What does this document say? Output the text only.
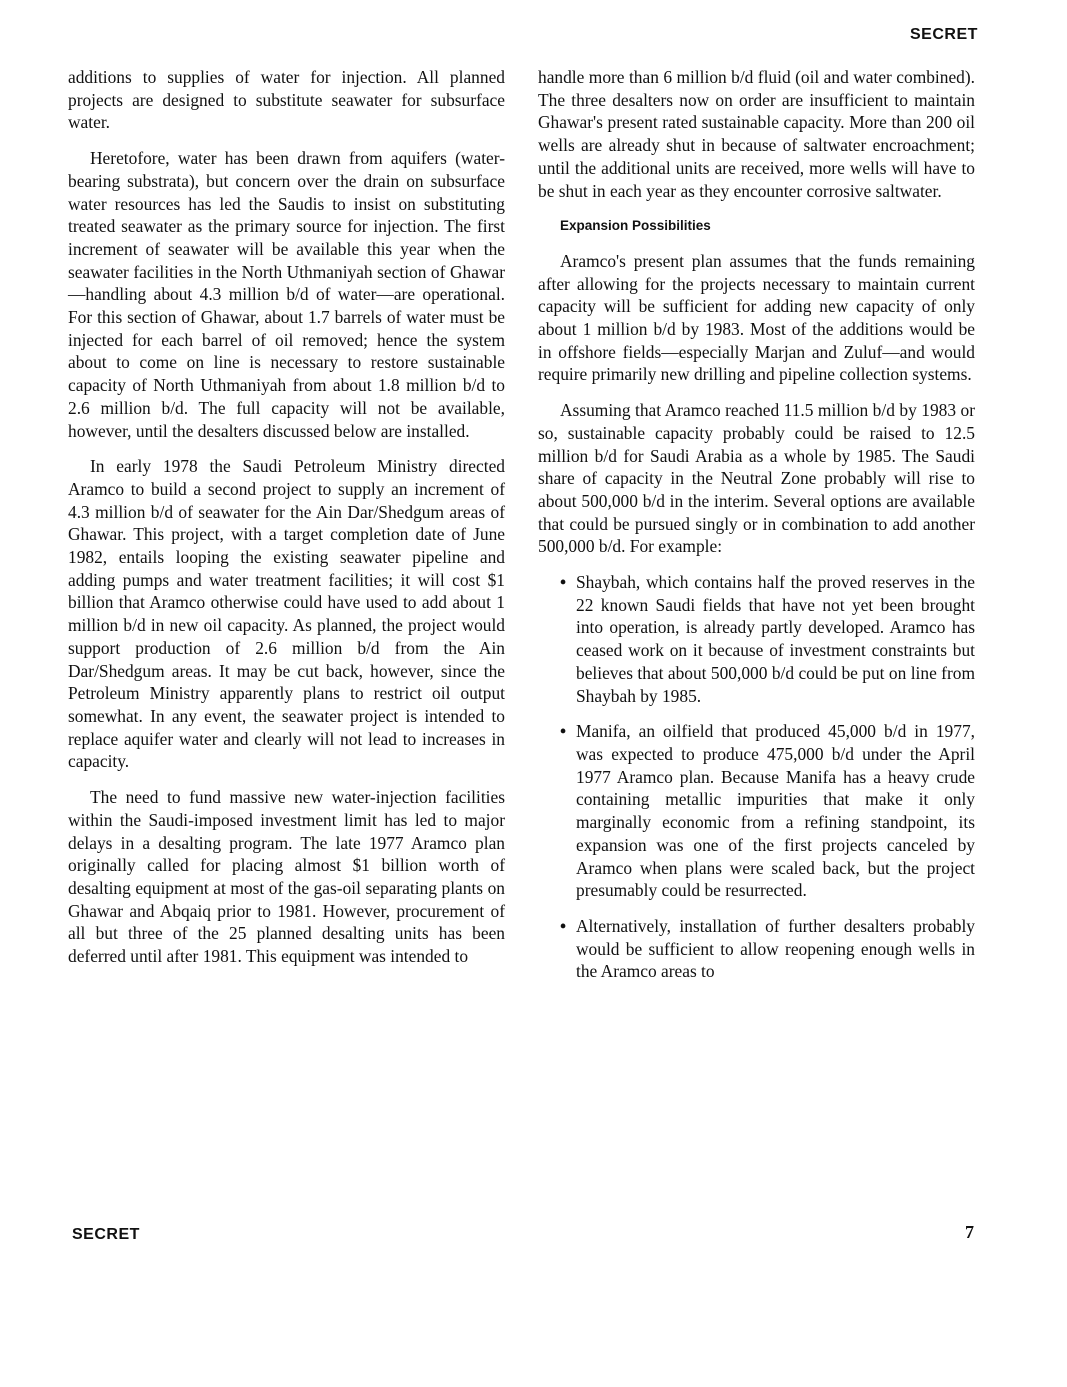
SECRET

additions to supplies of water for injection. All planned projects are designed to substitute seawater for subsurface water.

Heretofore, water has been drawn from aquifers (water-bearing substrata), but concern over the drain on subsurface water resources has led the Saudis to insist on substituting treated seawater as the primary source for injection. The first increment of seawater will be available this year when the seawater facilities in the North Uthmaniyah section of Ghawar—handling about 4.3 million b/d of water—are operational. For this section of Ghawar, about 1.7 barrels of water must be injected for each barrel of oil removed; hence the system about to come on line is necessary to restore sustainable capacity of North Uthmaniyah from about 1.8 million b/d to 2.6 million b/d. The full capacity will not be available, however, until the desalters discussed below are installed.

In early 1978 the Saudi Petroleum Ministry directed Aramco to build a second project to supply an increment of 4.3 million b/d of seawater for the Ain Dar/Shedgum areas of Ghawar. This project, with a target completion date of June 1982, entails looping the existing seawater pipeline and adding pumps and water treatment facilities; it will cost $1 billion that Aramco otherwise could have used to add about 1 million b/d in new oil capacity. As planned, the project would support production of 2.6 million b/d from the Ain Dar/Shedgum areas. It may be cut back, however, since the Petroleum Ministry apparently plans to restrict oil output somewhat. In any event, the seawater project is intended to replace aquifer water and clearly will not lead to increases in capacity.

The need to fund massive new water-injection facilities within the Saudi-imposed investment limit has led to major delays in a desalting program. The late 1977 Aramco plan originally called for placing almost $1 billion worth of desalting equipment at most of the gas-oil separating plants on Ghawar and Abqaiq prior to 1981. However, procurement of all but three of the 25 planned desalting units has been deferred until after 1981. This equipment was intended to

handle more than 6 million b/d fluid (oil and water combined). The three desalters now on order are insufficient to maintain Ghawar's present rated sustainable capacity. More than 200 oil wells are already shut in because of saltwater encroachment; until the additional units are received, more wells will have to be shut in each year as they encounter corrosive saltwater.

Expansion Possibilities

Aramco's present plan assumes that the funds remaining after allowing for the projects necessary to maintain current capacity will be sufficient for adding new capacity of only about 1 million b/d by 1983. Most of the additions would be in offshore fields—especially Marjan and Zuluf—and would require primarily new drilling and pipeline collection systems.

Assuming that Aramco reached 11.5 million b/d by 1983 or so, sustainable capacity probably could be raised to 12.5 million b/d for Saudi Arabia as a whole by 1985. The Saudi share of capacity in the Neutral Zone probably will rise to about 500,000 b/d in the interim. Several options are available that could be pursued singly or in combination to add another 500,000 b/d. For example:

• Shaybah, which contains half the proved reserves in the 22 known Saudi fields that have not yet been brought into operation, is already partly developed. Aramco has ceased work on it because of investment constraints but believes that about 500,000 b/d could be put on line from Shaybah by 1985.
• Manifa, an oilfield that produced 45,000 b/d in 1977, was expected to produce 475,000 b/d under the April 1977 Aramco plan. Because Manifa has a heavy crude containing metallic impurities that make it only marginally economic from a refining standpoint, its expansion was one of the first projects canceled by Aramco when plans were scaled back, but the project presumably could be resurrected.
• Alternatively, installation of further desalters probably would be sufficient to allow reopening enough wells in the Aramco areas to
SECRET	7
